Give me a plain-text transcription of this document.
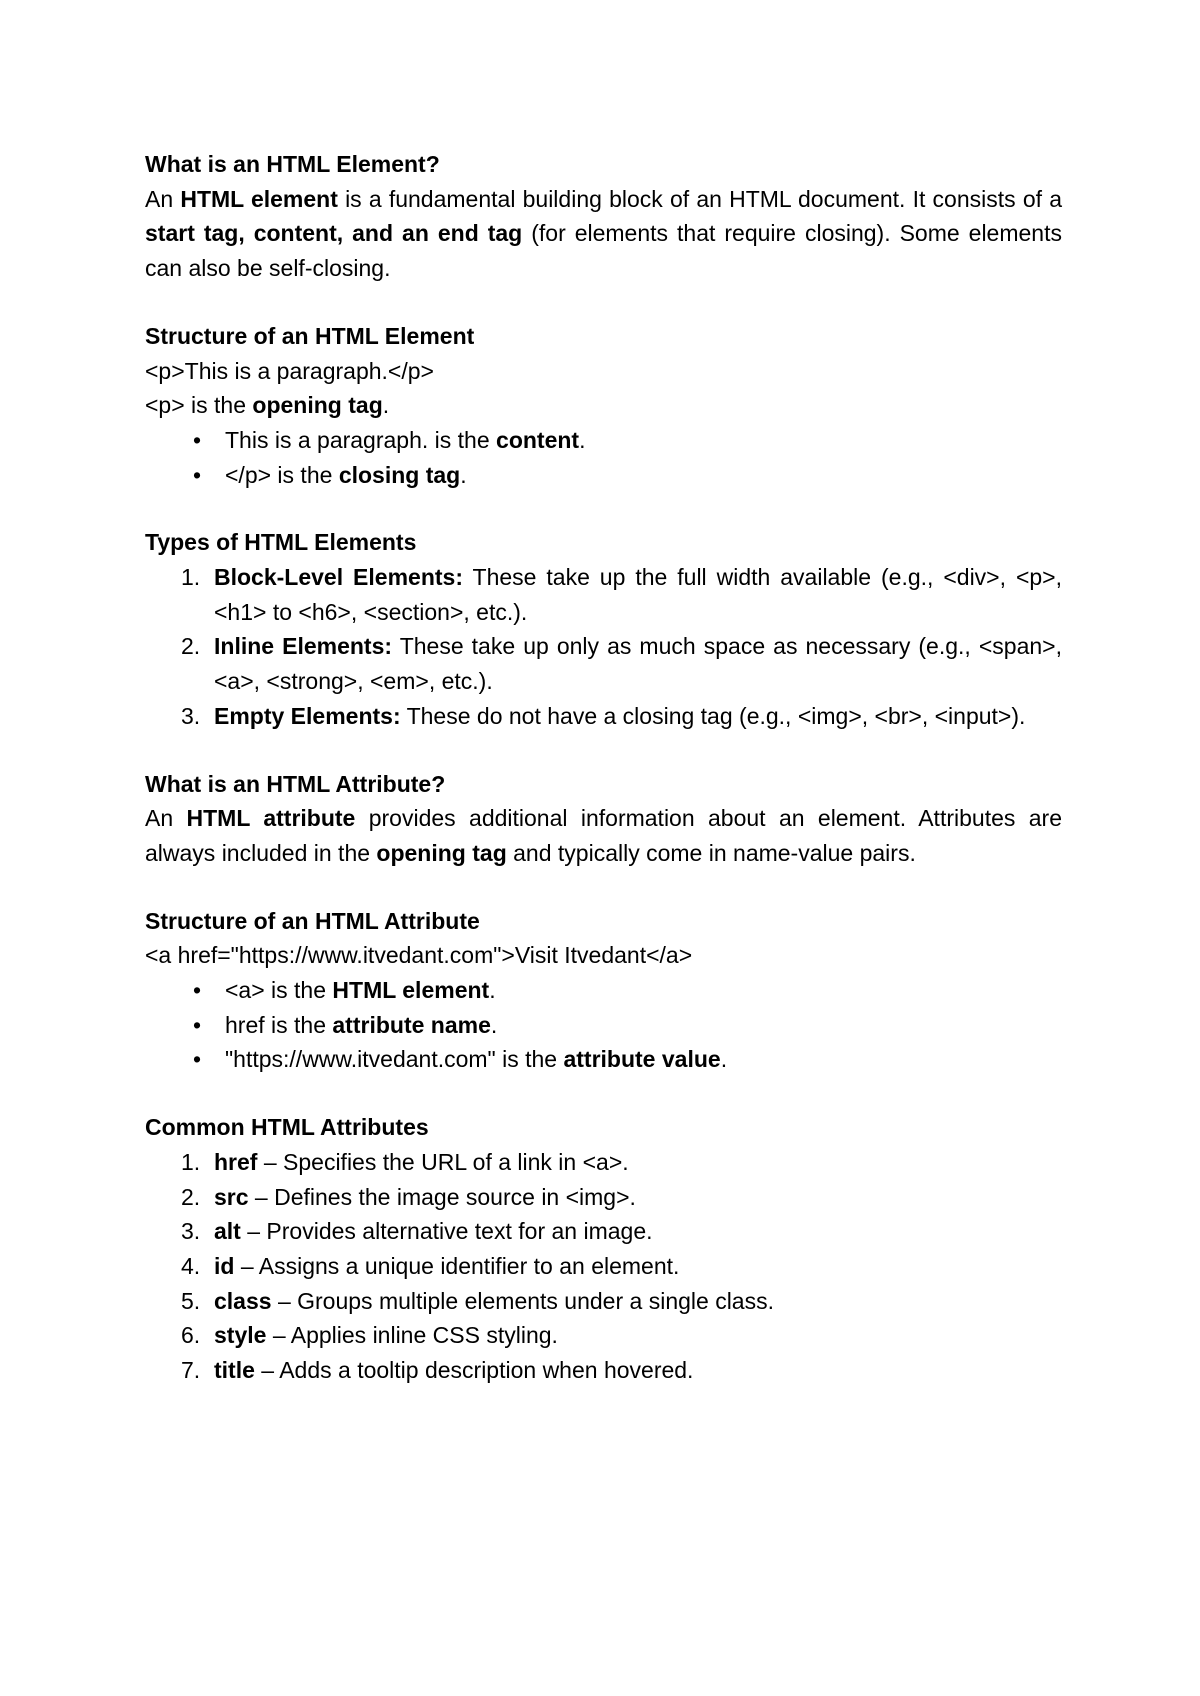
What is an HTML Element?

An HTML element is a fundamental building block of an HTML document. It consists of a start tag, content, and an end tag (for elements that require closing). Some elements can also be self-closing.

Structure of an HTML Element

<p>This is a paragraph.</p>

<p> is the opening tag.

• This is a paragraph. is the content.
• </p> is the closing tag.

Types of HTML Elements

1. Block-Level Elements: These take up the full width available (e.g., <div>, <p>, <h1> to <h6>, <section>, etc.).
2. Inline Elements: These take up only as much space as necessary (e.g., <span>, <a>, <strong>, <em>, etc.).
3. Empty Elements: These do not have a closing tag (e.g., <img>, <br>, <input>).

What is an HTML Attribute?

An HTML attribute provides additional information about an element. Attributes are always included in the opening tag and typically come in name-value pairs.

Structure of an HTML Attribute

<a href="https://www.itvedant.com">Visit Itvedant</a>

• <a> is the HTML element.
• href is the attribute name.
• "https://www.itvedant.com" is the attribute value.

Common HTML Attributes

1. href – Specifies the URL of a link in <a>.
2. src – Defines the image source in <img>.
3. alt – Provides alternative text for an image.
4. id – Assigns a unique identifier to an element.
5. class – Groups multiple elements under a single class.
6. style – Applies inline CSS styling.
7. title – Adds a tooltip description when hovered.
